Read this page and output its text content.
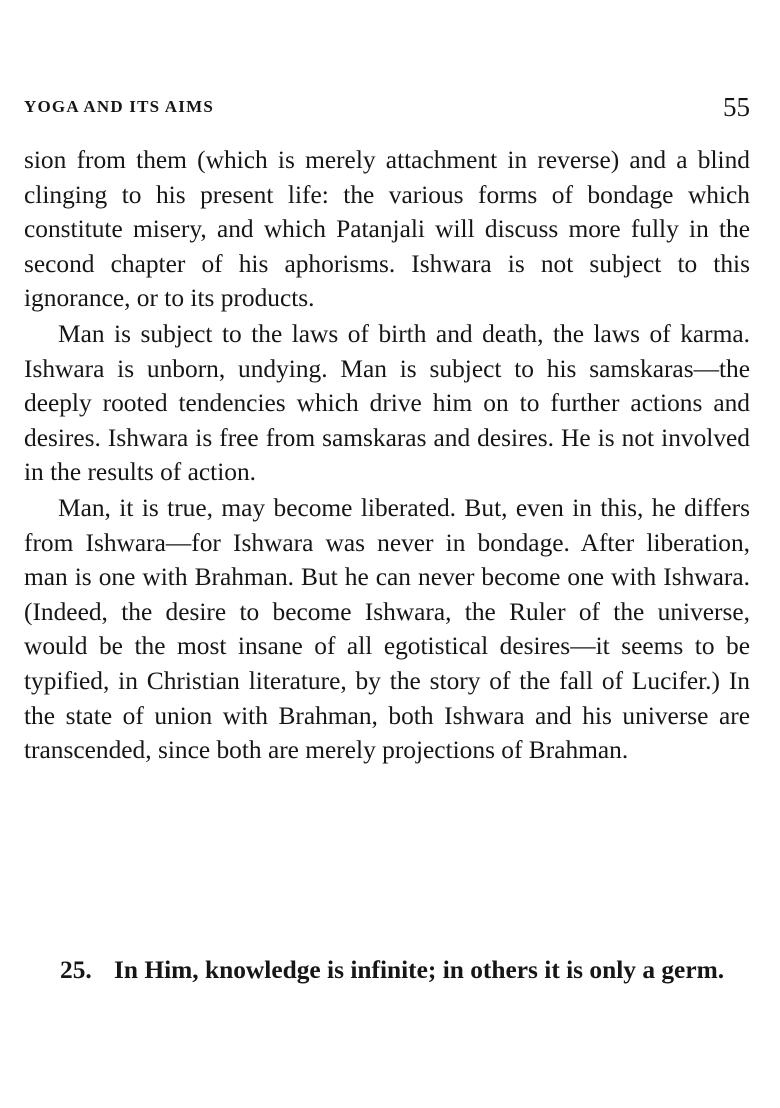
YOGA AND ITS AIMS	55

sion from them (which is merely attachment in reverse) and a blind clinging to his present life: the various forms of bondage which constitute misery, and which Patanjali will discuss more fully in the second chapter of his aphorisms. Ishwara is not subject to this ignorance, or to its products.

Man is subject to the laws of birth and death, the laws of karma. Ishwara is unborn, undying. Man is subject to his samskaras—the deeply rooted tendencies which drive him on to further actions and desires. Ishwara is free from samskaras and desires. He is not involved in the results of action.

Man, it is true, may become liberated. But, even in this, he differs from Ishwara—for Ishwara was never in bondage. After liberation, man is one with Brahman. But he can never become one with Ishwara. (Indeed, the desire to become Ishwara, the Ruler of the universe, would be the most insane of all egotistical desires—it seems to be typified, in Christian literature, by the story of the fall of Lucifer.) In the state of union with Brahman, both Ishwara and his universe are transcended, since both are merely projections of Brahman.

25. In Him, knowledge is infinite; in others it is only a germ.
